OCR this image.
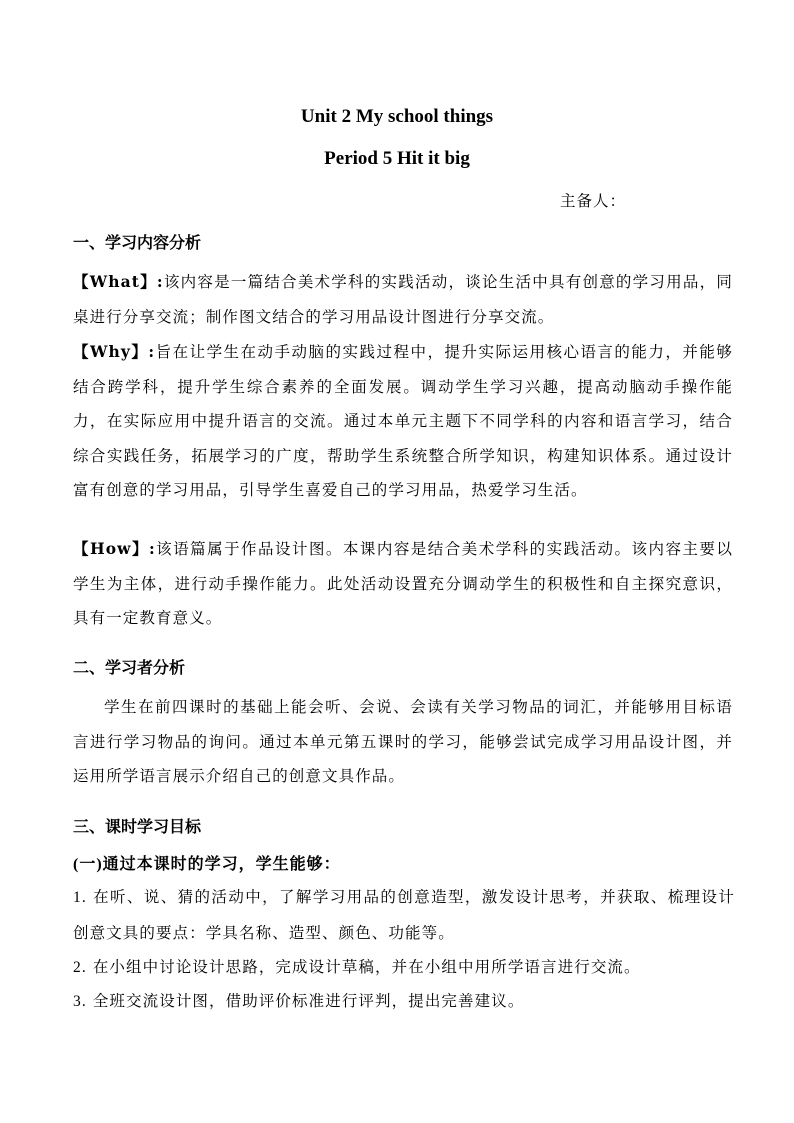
Unit 2 My school things
Period 5 Hit it big
主备人：
一、学习内容分析
【What】:该内容是一篇结合美术学科的实践活动，谈论生活中具有创意的学习用品，同桌进行分享交流；制作图文结合的学习用品设计图进行分享交流。
【Why】:旨在让学生在动手动脑的实践过程中，提升实际运用核心语言的能力，并能够结合跨学科，提升学生综合素养的全面发展。调动学生学习兴趣，提高动脑动手操作能力，在实际应用中提升语言的交流。通过本单元主题下不同学科的内容和语言学习，结合综合实践任务，拓展学习的广度，帮助学生系统整合所学知识，构建知识体系。通过设计富有创意的学习用品，引导学生喜爱自己的学习用品，热爱学习生活。
【How】:该语篇属于作品设计图。本课内容是结合美术学科的实践活动。该内容主要以学生为主体，进行动手操作能力。此处活动设置充分调动学生的积极性和自主探究意识，具有一定教育意义。
二、学习者分析
学生在前四课时的基础上能会听、会说、会读有关学习物品的词汇，并能够用目标语言进行学习物品的询问。通过本单元第五课时的学习，能够尝试完成学习用品设计图，并运用所学语言展示介绍自己的创意文具作品。
三、课时学习目标
(一)通过本课时的学习，学生能够：
1. 在听、说、猜的活动中，了解学习用品的创意造型，激发设计思考，并获取、梳理设计创意文具的要点：学具名称、造型、颜色、功能等。
2. 在小组中讨论设计思路，完成设计草稿，并在小组中用所学语言进行交流。
3. 全班交流设计图，借助评价标准进行评判，提出完善建议。
